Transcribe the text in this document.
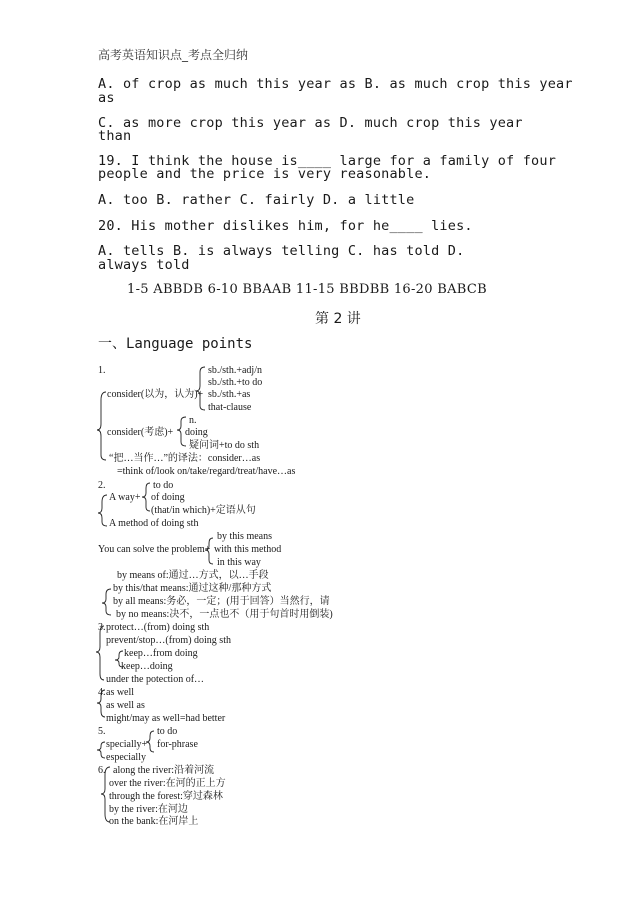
高考英语知识点_考点全归纳
A. of crop as much this year as B. as much crop this year
as
C. as more crop this year as D. much crop this year
than
19. I think the house is____ large for a family of four
people and the price is very reasonable.
A. too B. rather C. fairly D. a little
20. His mother dislikes him, for he____ lies.
A. tells B. is always telling C. has told D.
always told
1-5 ABBDB 6-10 BBAAB 11-15 BBDBB 16-20 BABCB
第 2 讲
一、Language points
1.	sb./sth.+adj/n
sb./sth.+to do
consider(以为，认为)+ sb./sth.+as
that-clause
n.
consider(考虑)+ doing
疑问词+to do sth
“把…当作…”的译法：consider…as
=think of/look on/take/regard/treat/have…as
2.	to do
A way+ of doing
(that/in which)+定语从句
A method of doing sth
by this means
You can solve the problem+ with this method
in this way
by means of:通过…方式，以…手段
by this/that means:通过这种/那种方式
by all means:务必，一定；(用于回答）当然行，请
by no means:决不，一点也不（用于句首时用倒装)
3. protect…(from) doing sth
prevent/stop…(from) doing sth
keep…from doing
keep…doing
under the potection of…
4. as well
as well as
might/may as well=had better
5.	to do
specially+ for-phrase
especially
6. along the river:沿着河流
over the river:在河的正上方
through the forest:穿过森林
by the river:在河边
on the bank:在河岸上
